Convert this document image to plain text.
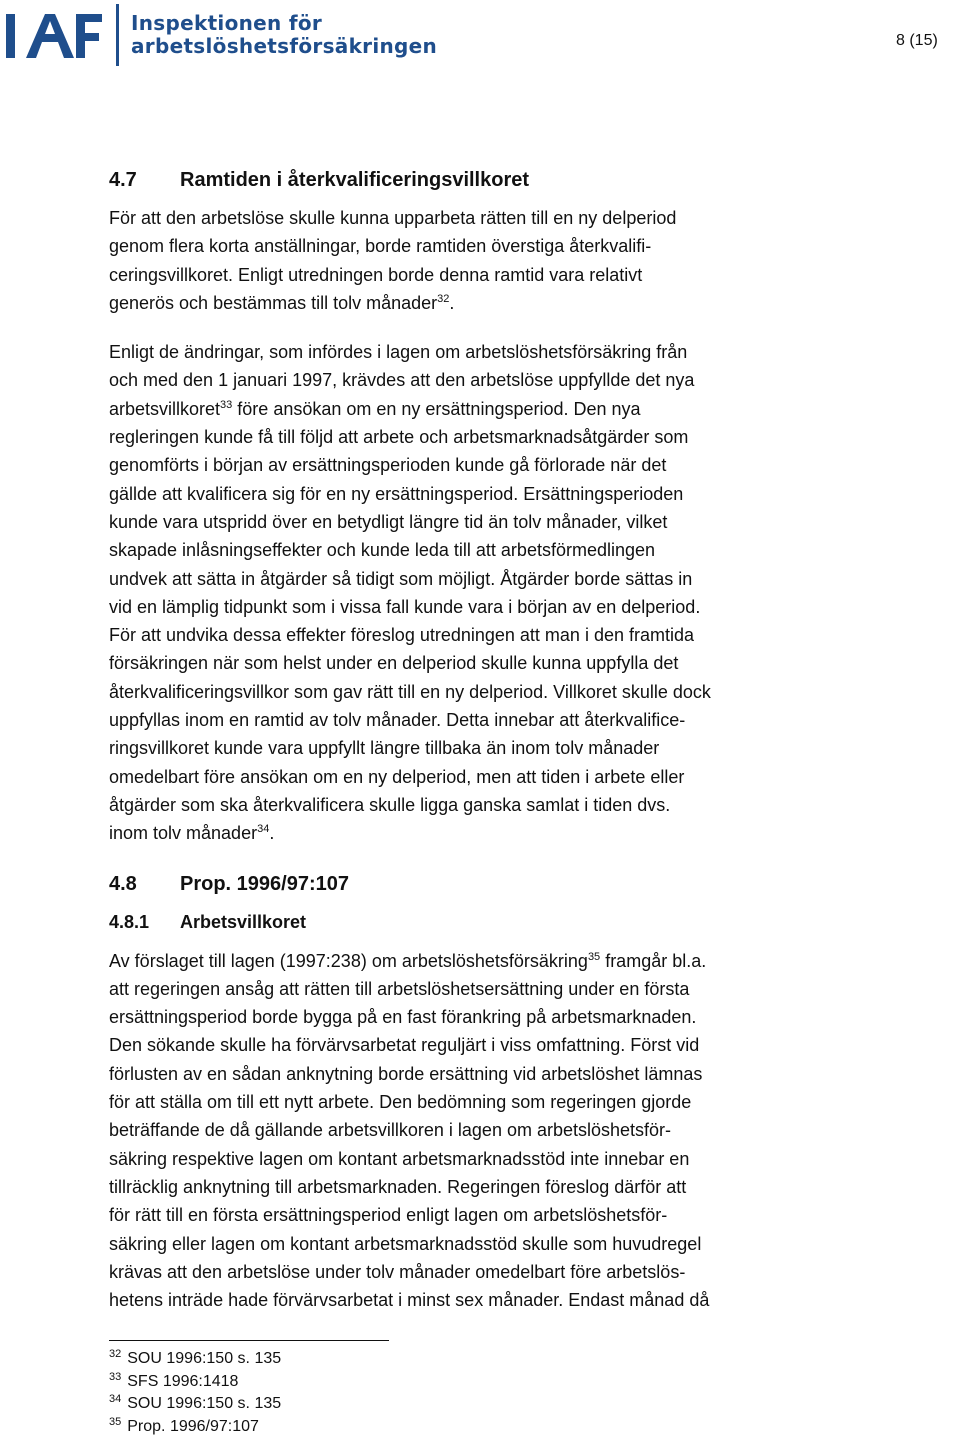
Inspektionen för
arbetslöshetsförsäkringen	8 (15)
4.7 Ramtiden i återkvalificeringsvillkoret

För att den arbetslöse skulle kunna upparbeta rätten till en ny delperiod
genom flera korta anställningar, borde ramtiden överstiga återkvalifi-
ceringsvillkoret. Enligt utredningen borde denna ramtid vara relativt
generös och bestämmas till tolv månader$^{32}$.

Enligt de ändringar, som infördes i lagen om arbetslöshetsförsäkring från
och med den 1 januari 1997, krävdes att den arbetslöse uppfyllde det nya
arbetsvillkoret$^{33}$ före ansökan om en ny ersättningsperiod. Den nya
regleringen kunde få till följd att arbete och arbetsmarknadsåtgärder som
genomförts i början av ersättningsperioden kunde gå förlorade när det
gällde att kvalificera sig för en ny ersättningsperiod. Ersättningsperioden
kunde vara utspridd över en betydligt längre tid än tolv månader, vilket
skapade inlåsningseffekter och kunde leda till att arbetsförmedlingen
undvek att sätta in åtgärder så tidigt som möjligt. Åtgärder borde sättas in
vid en lämplig tidpunkt som i vissa fall kunde vara i början av en delperiod.
För att undvika dessa effekter föreslog utredningen att man i den framtida
försäkringen när som helst under en delperiod skulle kunna uppfylla det
återkvalificeringsvillkor som gav rätt till en ny delperiod. Villkoret skulle dock
uppfyllas inom en ramtid av tolv månader. Detta innebar att återkvalifice-
ringsvillkoret kunde vara uppfyllt längre tillbaka än inom tolv månader
omedelbart före ansökan om en ny delperiod, men att tiden i arbete eller
åtgärder som ska återkvalificera skulle ligga ganska samlat i tiden dvs.
inom tolv månader$^{34}$.

4.8 Prop. 1996/97:107
4.8.1 Arbetsvillkoret

Av förslaget till lagen (1997:238) om arbetslöshetsförsäkring$^{35}$ framgår bl.a.
att regeringen ansåg att rätten till arbetslöshetsersättning under en första
ersättningsperiod borde bygga på en fast förankring på arbetsmarknaden.
Den sökande skulle ha förvärvsarbetat reguljärt i viss omfattning. Först vid
förlusten av en sådan anknytning borde ersättning vid arbetslöshet lämnas
för att ställa om till ett nytt arbete. Den bedömning som regeringen gjorde
beträffande de då gällande arbetsvillkoren i lagen om arbetslöshetsför-
säkring respektive lagen om kontant arbetsmarknadsstöd inte innebar en
tillräcklig anknytning till arbetsmarknaden. Regeringen föreslog därför att
för rätt till en första ersättningsperiod enligt lagen om arbetslöshetsför-
säkring eller lagen om kontant arbetsmarknadsstöd skulle som huvudregel
krävas att den arbetslöse under tolv månader omedelbart före arbetslös-
hetens inträde hade förvärvsarbetat i minst sex månader. Endast månad då

$^{32}$ SOU 1996:150 s. 135
$^{33}$ SFS 1996:1418
$^{34}$ SOU 1996:150 s. 135
$^{35}$ Prop. 1996/97:107
